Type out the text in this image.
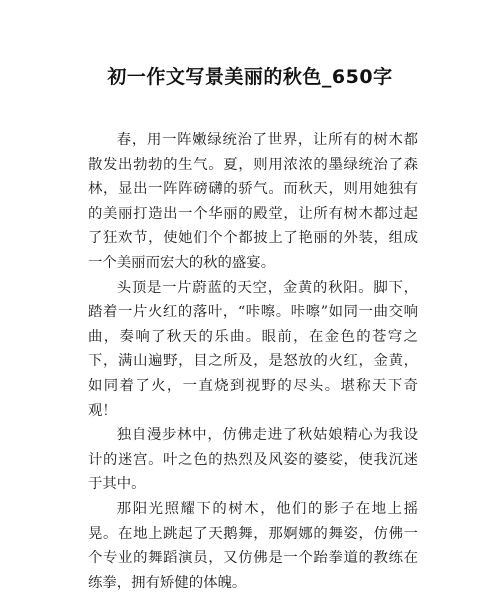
初一作文写景美丽的秋色_650字

春，用一阵嫩绿统治了世界，让所有的树木都散发出勃勃的生气。夏，则用浓浓的墨绿统治了森林，显出一阵阵磅礴的骄气。而秋天，则用她独有的美丽打造出一个华丽的殿堂，让所有树木都过起了狂欢节，使她们个个都披上了艳丽的外装，组成一个美丽而宏大的秋的盛宴。

头顶是一片蔚蓝的天空，金黄的秋阳。脚下，踏着一片火红的落叶，“咔嚓。咔嚓”如同一曲交响曲，奏响了秋天的乐曲。眼前，在金色的苍穹之下，满山遍野，目之所及，是怒放的火红，金黄，如同着了火，一直烧到视野的尽头。堪称天下奇观！

独自漫步林中，仿佛走进了秋姑娘精心为我设计的迷宫。叶之色的热烈及风姿的婆娑，使我沉迷于其中。

那阳光照耀下的树木，他们的影子在地上摇晃。在地上跳起了天鹅舞，那婀娜的舞姿，仿佛一个专业的舞蹈演员，又仿佛是一个跆拳道的教练在练拳，拥有矫健的体魄。
